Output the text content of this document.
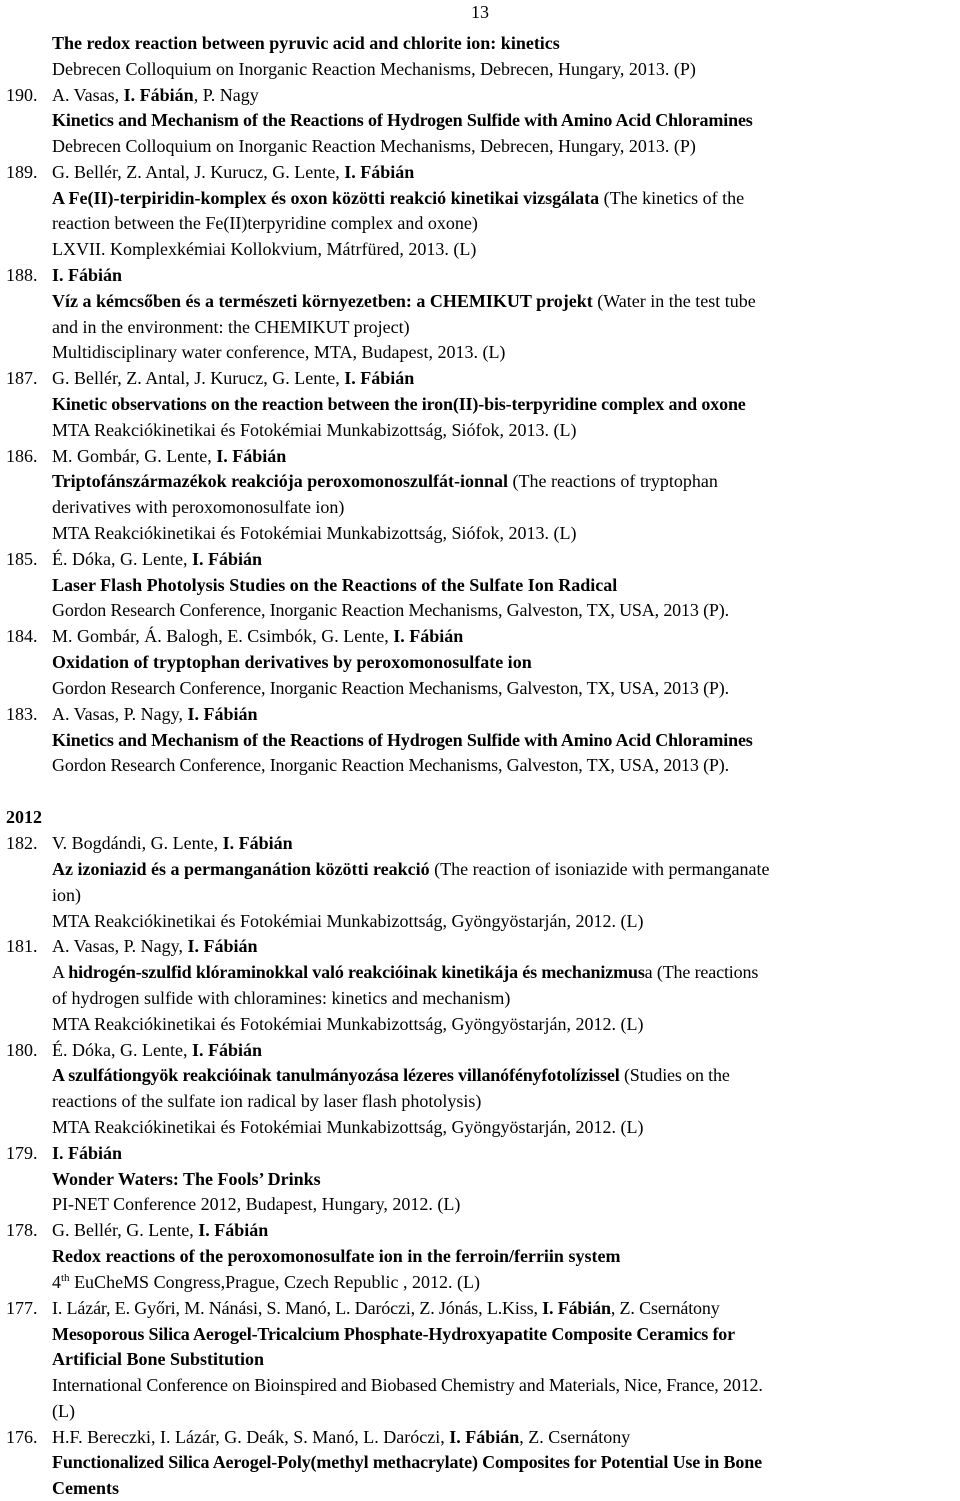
13
The redox reaction between pyruvic acid and chlorite ion: kinetics
Debrecen Colloquium on Inorganic Reaction Mechanisms, Debrecen, Hungary, 2013. (P)
190. A. Vasas, I. Fábián, P. Nagy
Kinetics and Mechanism of the Reactions of Hydrogen Sulfide with Amino Acid Chloramines
Debrecen Colloquium on Inorganic Reaction Mechanisms, Debrecen, Hungary, 2013. (P)
189. G. Bellér, Z. Antal, J. Kurucz, G. Lente, I. Fábián
A Fe(II)-terpiridin-komplex és oxon közötti reakció kinetikai vizsgálata (The kinetics of the
reaction between the Fe(II)terpyridine complex and oxone)
LXVII. Komplexkémiai Kollokvium, Mátrfüred, 2013. (L)
188. I. Fábián
Víz a kémcsőben és a természeti környezetben: a CHEMIKUT projekt (Water in the test tube
and in the environment: the CHEMIKUT project)
Multidisciplinary water conference, MTA, Budapest, 2013. (L)
187. G. Bellér, Z. Antal, J. Kurucz, G. Lente, I. Fábián
Kinetic observations on the reaction between the iron(II)-bis-terpyridine complex and oxone
MTA Reakciókinetikai és Fotokémiai Munkabizottság, Siófok, 2013. (L)
186. M. Gombár, G. Lente, I. Fábián
Triptofánszármazékok reakciója peroxomonoszulfát-ionnal (The reactions of tryptophan
derivatives with peroxomonosulfate ion)
MTA Reakciókinetikai és Fotokémiai Munkabizottság, Siófok, 2013. (L)
185. É. Dóka, G. Lente, I. Fábián
Laser Flash Photolysis Studies on the Reactions of the Sulfate Ion Radical
Gordon Research Conference, Inorganic Reaction Mechanisms, Galveston, TX, USA, 2013 (P).
184. M. Gombár, Á. Balogh, E. Csimbók, G. Lente, I. Fábián
Oxidation of tryptophan derivatives by peroxomonosulfate ion
Gordon Research Conference, Inorganic Reaction Mechanisms, Galveston, TX, USA, 2013 (P).
183. A. Vasas, P. Nagy, I. Fábián
Kinetics and Mechanism of the Reactions of Hydrogen Sulfide with Amino Acid Chloramines
Gordon Research Conference, Inorganic Reaction Mechanisms, Galveston, TX, USA, 2013 (P).
2012
182. V. Bogdándi, G. Lente, I. Fábián
Az izoniazid és a permanganátion közötti reakció (The reaction of isoniazide with permanganate
ion)
MTA Reakciókinetikai és Fotokémiai Munkabizottság, Gyöngyöstarján, 2012. (L)
181. A. Vasas, P. Nagy, I. Fábián
A hidrogén-szulfid klóraminokkal való reakcióinak kinetikája és mechanizmusa (The reactions
of hydrogen sulfide with chloramines: kinetics and mechanism)
MTA Reakciókinetikai és Fotokémiai Munkabizottság, Gyöngyöstarján, 2012. (L)
180. É. Dóka, G. Lente, I. Fábián
A szulfátiongyök reakcióinak tanulmányozása lézeres villanófényfotolízissel (Studies on the
reactions of the sulfate ion radical by laser flash photolysis)
MTA Reakciókinetikai és Fotokémiai Munkabizottság, Gyöngyöstarján, 2012. (L)
179. I. Fábián
Wonder Waters: The Fools’ Drinks
PI-NET Conference 2012, Budapest, Hungary, 2012. (L)
178. G. Bellér, G. Lente, I. Fábián
Redox reactions of the peroxomonosulfate ion in the ferroin/ferriin system
4th EuCheMS Congress,Prague, Czech Republic , 2012. (L)
177. I. Lázár, E. Győri, M. Nánási, S. Manó, L. Daróczi, Z. Jónás, L.Kiss, I. Fábián, Z. Csernátony
Mesoporous Silica Aerogel-Tricalcium Phosphate-Hydroxyapatite Composite Ceramics for
Artificial Bone Substitution
International Conference on Bioinspired and Biobased Chemistry and Materials, Nice, France, 2012.
(L)
176. H.F. Bereczki, I. Lázár, G. Deák, S. Manó, L. Daróczi, I. Fábián, Z. Csernátony
Functionalized Silica Aerogel-Poly(methyl methacrylate) Composites for Potential Use in Bone
Cements
